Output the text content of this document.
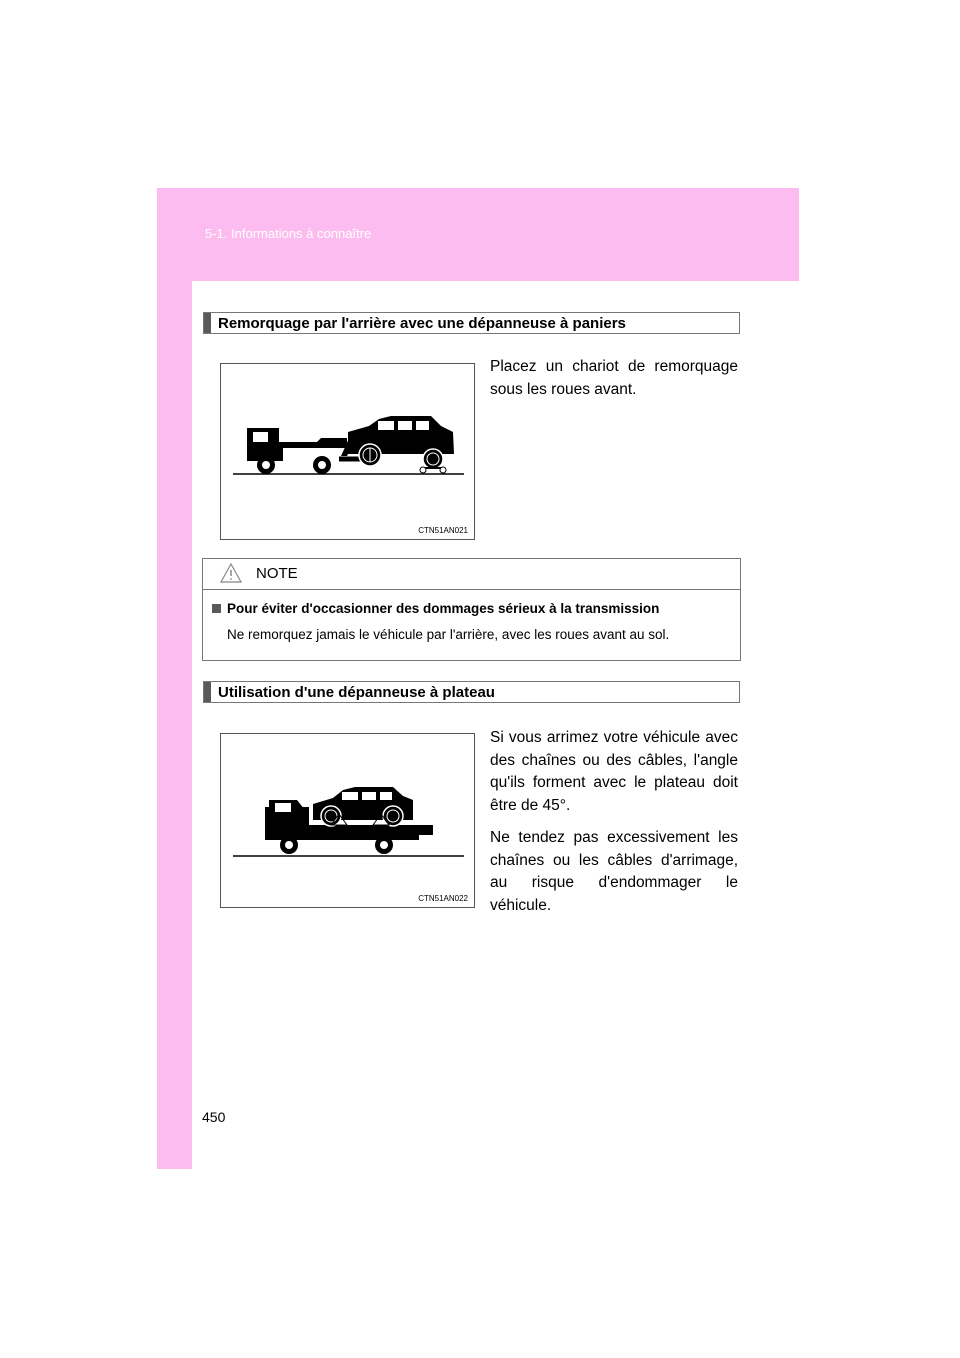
5-1. Informations à connaître
Remorquage par l'arrière avec une dépanneuse à paniers
CTN51AN021
Placez un chariot de remorquage sous les roues avant.
NOTE
Pour éviter d'occasionner des dommages sérieux à la transmission
Ne remorquez jamais le véhicule par l'arrière, avec les roues avant au sol.
Utilisation d'une dépanneuse à plateau
CTN51AN022
Si vous arrimez votre véhicule avec des chaînes ou des câbles, l'angle qu'ils forment avec le plateau doit être de 45°.
Ne tendez pas excessivement les chaînes ou les câbles d'arrimage, au risque d'endommager le véhicule.
450
